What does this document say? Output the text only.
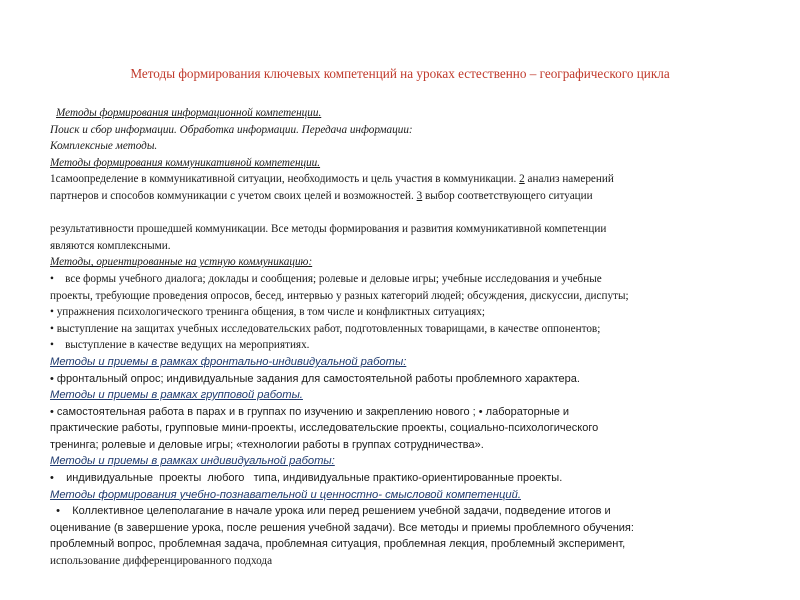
Методы формирования ключевых компетенций на уроках естественно – географического цикла
Методы формирования информационной компетенции.
Поиск и сбор информации. Обработка информации. Передача информации:
Комплексные методы.
Методы формирования коммуникативной компетенции.
1самоопределение в коммуникативной ситуации, необходимость и цель участия в коммуникации. 2 анализ намерений
партнеров и способов коммуникации с учетом своих целей и возможностей. 3 выбор соответствующего ситуации

результативности прошедшей коммуникации. Все методы формирования и развития коммуникативной компетенции
являются комплексными.
Методы, ориентированные на устную коммуникацию:
•    все формы учебного диалога; доклады и сообщения; ролевые и деловые игры; учебные исследования и учебные
проекты, требующие проведения опросов, бесед, интервью у разных категорий людей; обсуждения, дискуссии, диспуты;
• упражнения психологического тренинга общения, в том числе и конфликтных ситуациях;
• выступление на защитах учебных исследовательских работ, подготовленных товарищами, в качестве оппонентов;
•    выступление в качестве ведущих на мероприятиях.
Методы и приемы в рамках фронтально-индивидуальной работы:
• фронтальный опрос; индивидуальные задания для самостоятельной работы проблемного характера.
Методы и приемы в рамках групповой работы.
• самостоятельная работа в парах и в группах по изучению и закреплению нового ; • лабораторные и
практические работы, групповые мини-проекты, исследовательские проекты, социально-психологического
тренинга; ролевые и деловые игры; «технологии работы в группах сотрудничества».
Методы и приемы в рамках индивидуальной работы:
•    индивидуальные  проекты  любого   типа, индивидуальные практико-ориентированные проекты.
Методы формирования учебно-познавательной и ценностно- смысловой компетенций.
•    Коллективное целеполагание в начале урока или перед решением учебной задачи, подведение итогов и
оценивание (в завершение урока, после решения учебной задачи). Все методы и приемы проблемного обучения:
проблемный вопрос, проблемная задача, проблемная ситуация, проблемная лекция, проблемный эксперимент,
использование дифференцированного подхода
